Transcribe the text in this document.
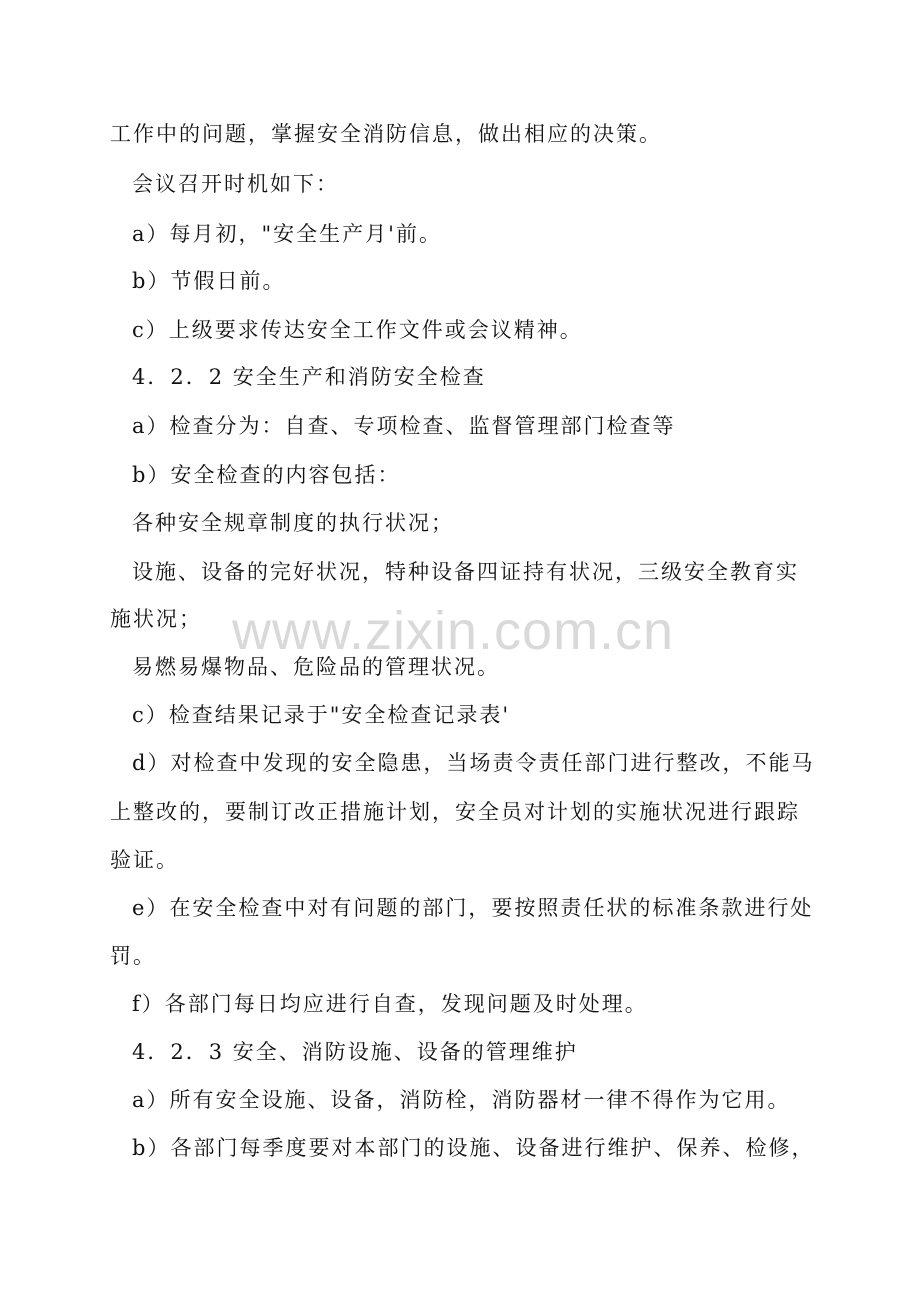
工作中的问题，掌握安全消防信息，做出相应的决策。
会议召开时机如下：
a）每月初，"安全生产月'前。
b）节假日前。
c）上级要求传达安全工作文件或会议精神。
4．2．2 安全生产和消防安全检查
a）检查分为：自查、专项检查、监督管理部门检查等
b）安全检查的内容包括：
各种安全规章制度的执行状况；
设施、设备的完好状况，特种设备四证持有状况，三级安全教育实
施状况；
易燃易爆物品、危险品的管理状况。
c）检查结果记录于"安全检查记录表'
d）对检查中发现的安全隐患，当场责令责任部门进行整改，不能马
上整改的，要制订改正措施计划，安全员对计划的实施状况进行跟踪
验证。
e）在安全检查中对有问题的部门，要按照责任状的标准条款进行处
罚。
f）各部门每日均应进行自查，发现问题及时处理。
4．2．3 安全、消防设施、设备的管理维护
a）所有安全设施、设备，消防栓，消防器材一律不得作为它用。
b）各部门每季度要对本部门的设施、设备进行维护、保养、检修，
www.zixin.com.cn
